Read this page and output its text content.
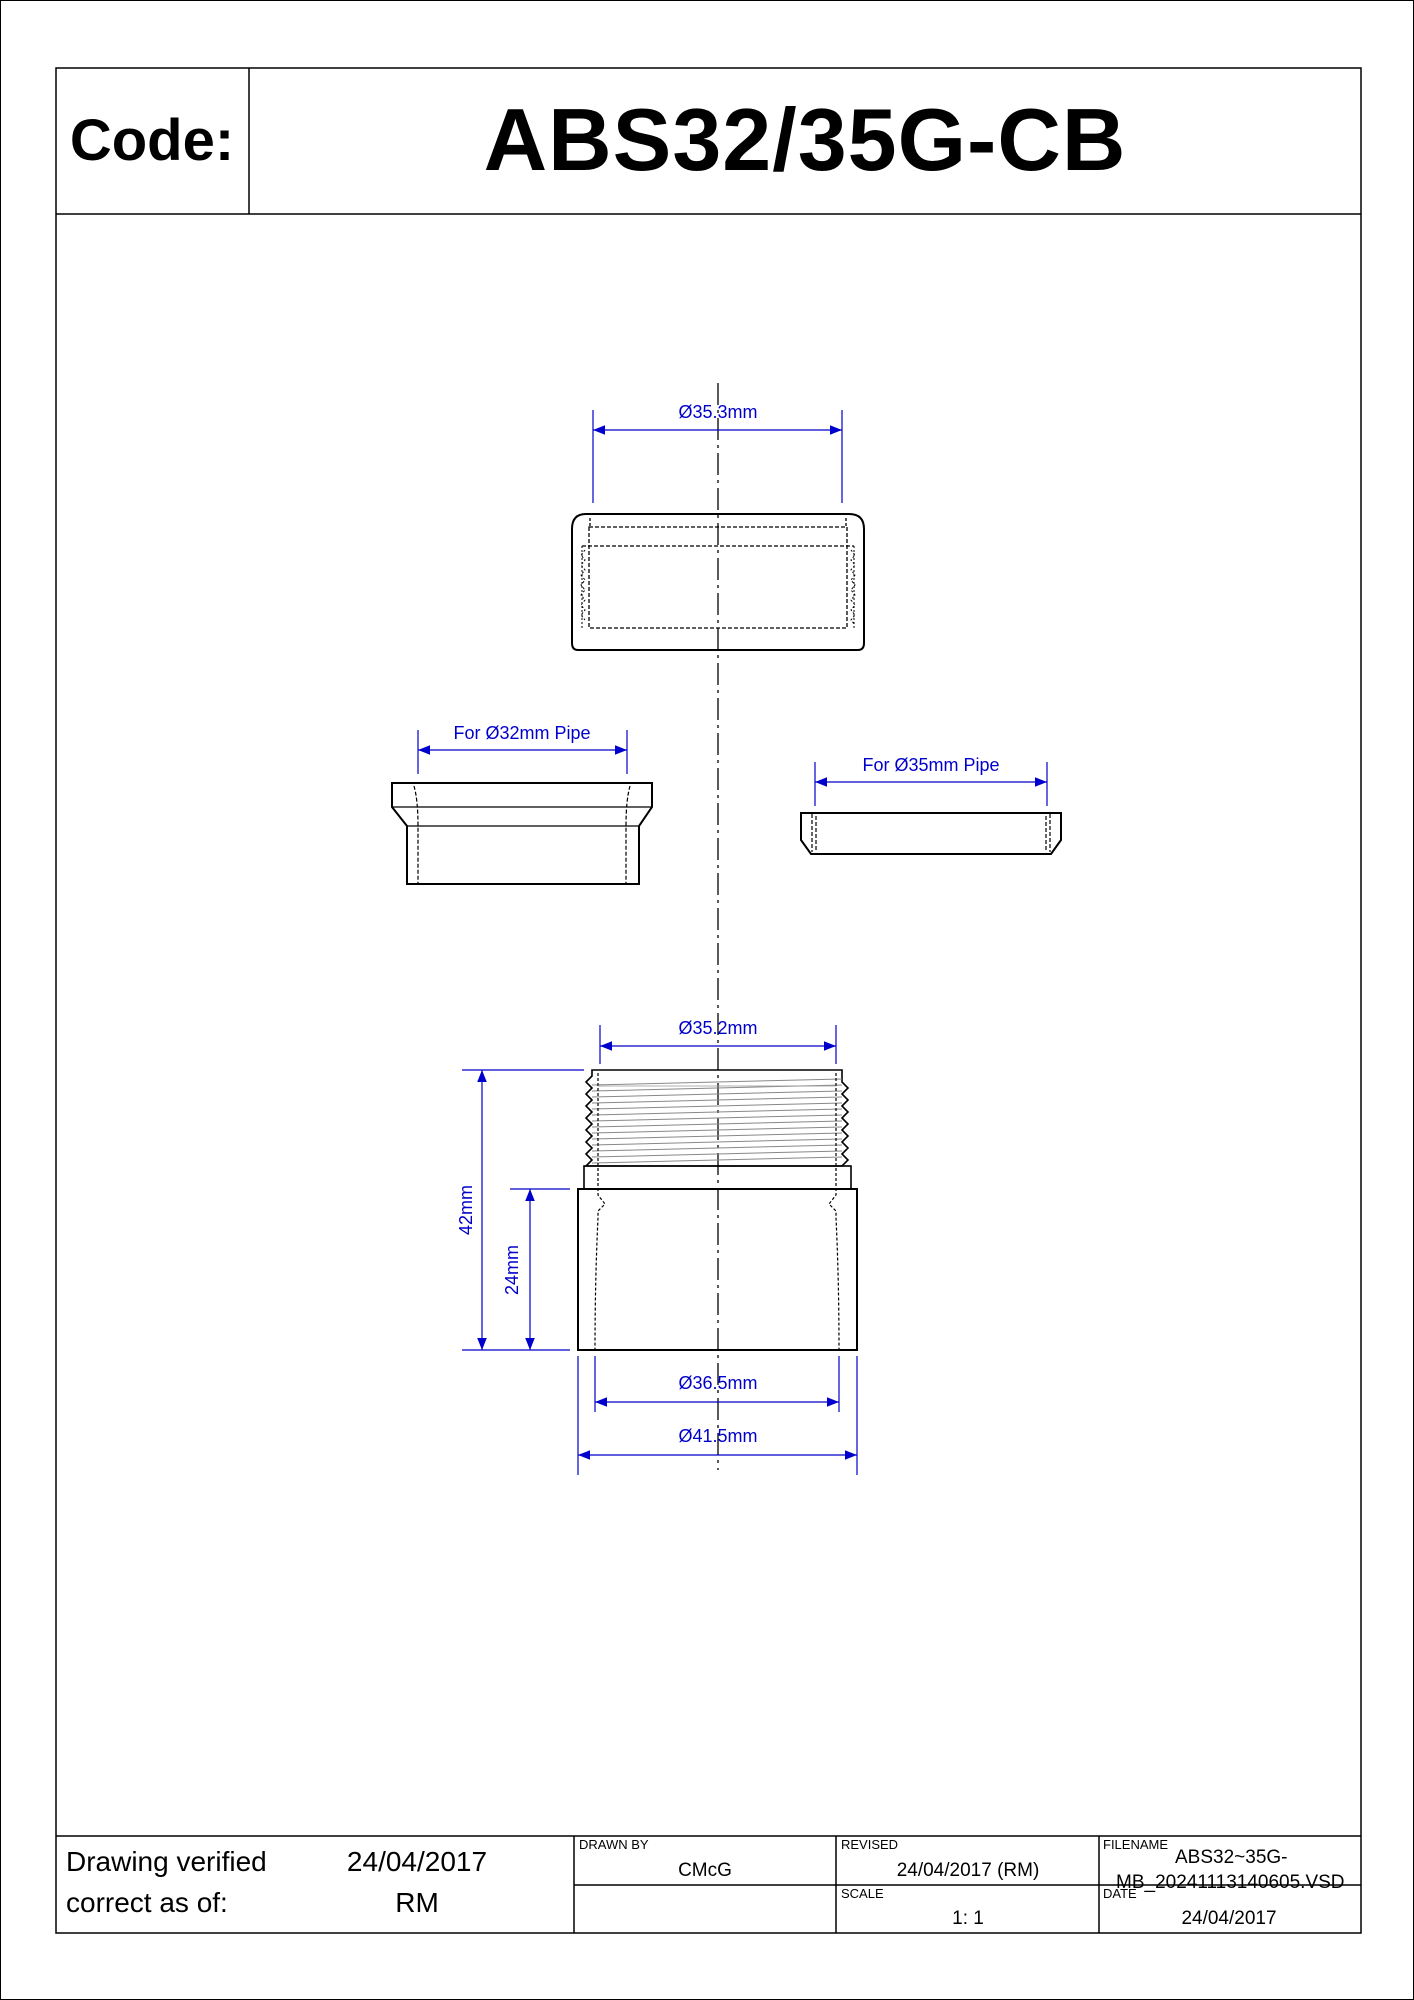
Code:	ABS32/35G-CB
Ø35.3mm
For Ø32mm Pipe
For Ø35mm Pipe
Ø35.2mm
42mm
24mm
Ø36.5mm
Ø41.5mm
Drawing verified
correct as of:
24/04/2017
RM
DRAWN BY
CMcG
REVISED
24/04/2017 (RM)
SCALE
1: 1
FILENAME
ABS32~35G-
MB_20241113140605.VSD
DATE
24/04/2017
